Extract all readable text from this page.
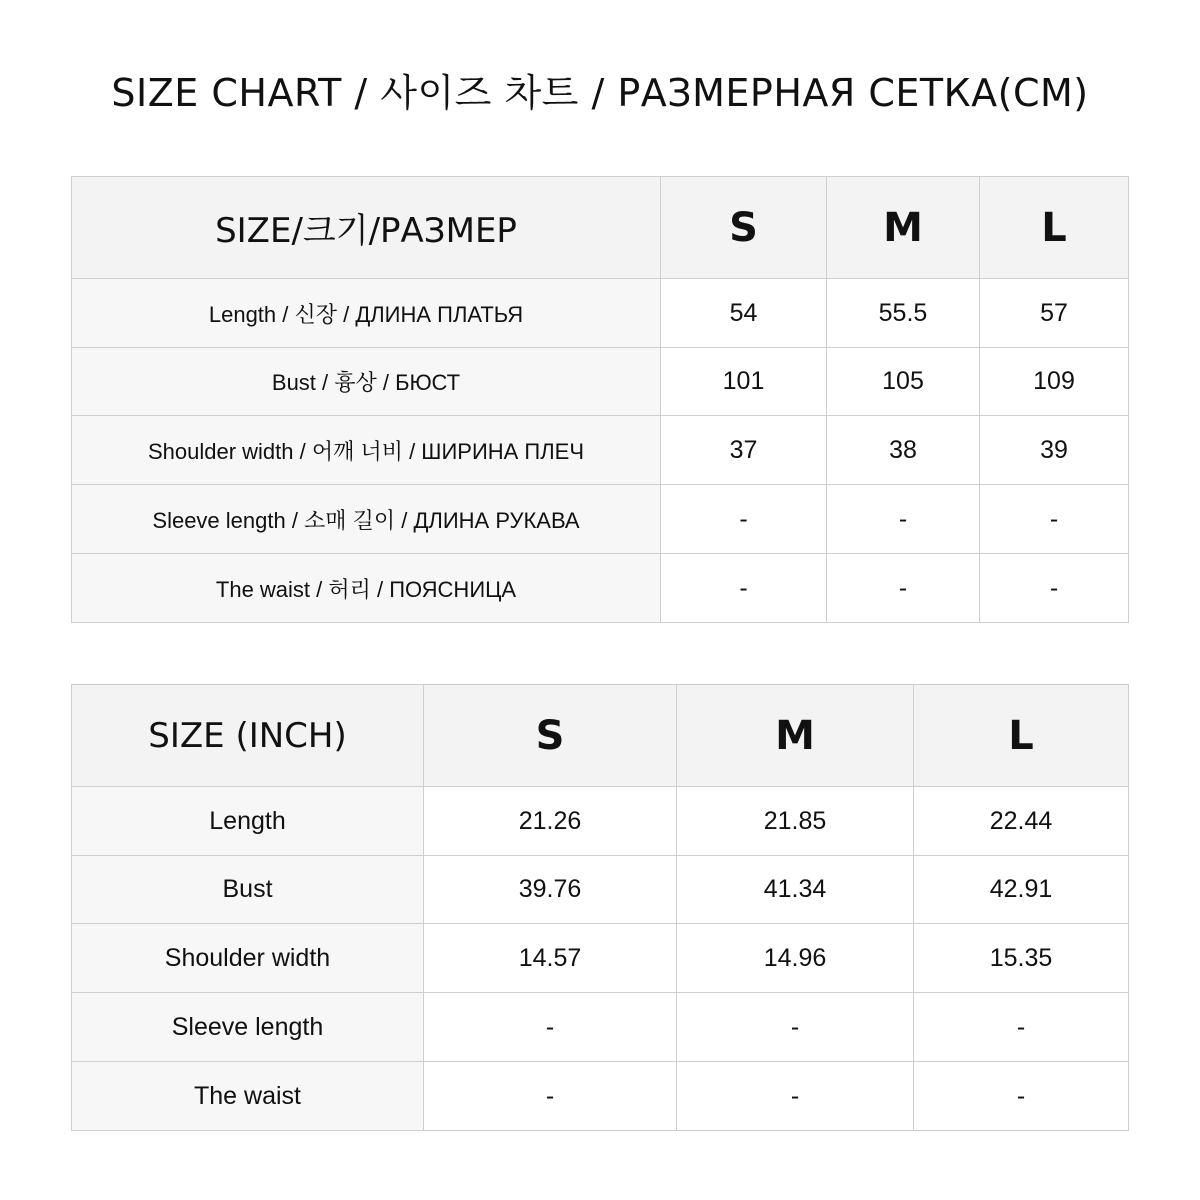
SIZE CHART / 사이즈 차트 / РАЗМЕРНАЯ СЕТКА(CM)
SIZE/크기/РАЗМЕР	S	M	L
Length / 신장 / ДЛИНА ПЛАТЬЯ	54	55.5	57
Bust / 흉상 / БЮСТ	101	105	109
Shoulder width / 어깨 너비 / ШИРИНА ПЛЕЧ	37	38	39
Sleeve length / 소매 길이 / ДЛИНА РУКАВА	-	-	-
The waist / 허리 / ПОЯСНИЦА	-	-	-
SIZE (INCH)	S	M	L
Length	21.26	21.85	22.44
Bust	39.76	41.34	42.91
Shoulder width	14.57	14.96	15.35
Sleeve length	-	-	-
The waist	-	-	-
